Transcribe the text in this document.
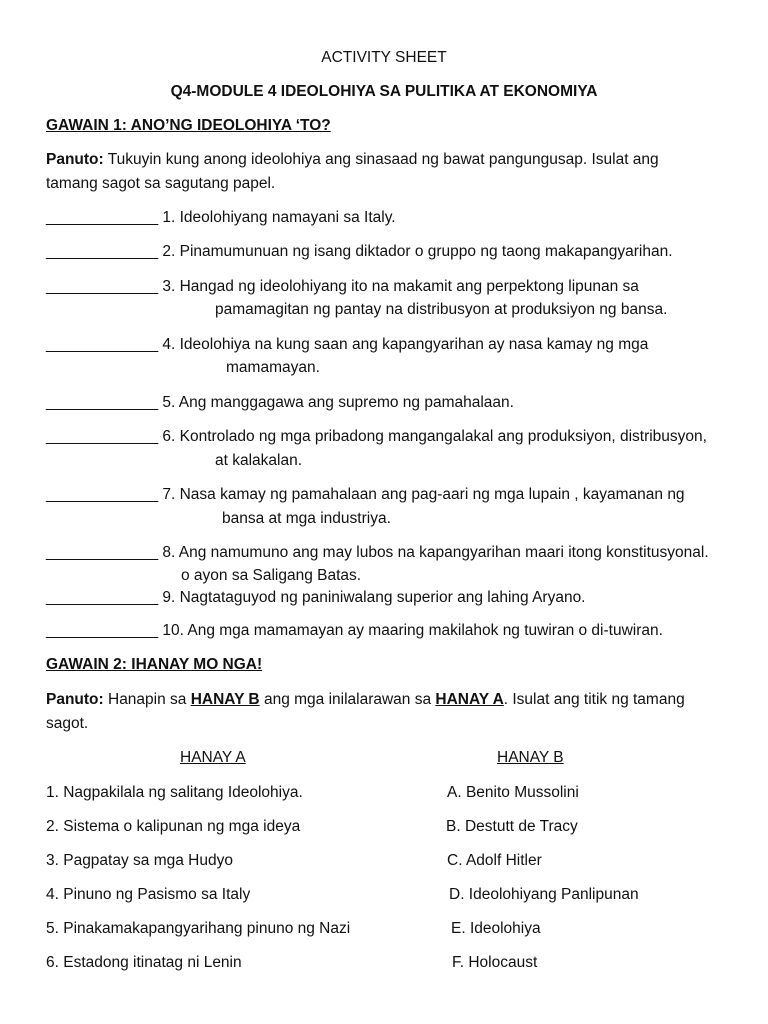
ACTIVITY SHEET
Q4-MODULE 4 IDEOLOHIYA SA PULITIKA AT EKONOMIYA
GAWAIN 1: ANO’NG IDEOLOHIYA ‘TO?
Panuto: Tukuyin kung anong ideolohiya ang sinasaad ng bawat pangungusap. Isulat ang
tamang sagot sa sagutang papel.
_____________ 1. Ideolohiyang namayani sa Italy.
_____________ 2. Pinamumunuan ng isang diktador o gruppo ng taong makapangyarihan.
_____________ 3. Hangad ng ideolohiyang ito na makamit ang perpektong lipunan sa
pamamagitan ng pantay na distribusyon at produksiyon ng bansa.
_____________ 4. Ideolohiya na kung saan ang kapangyarihan ay nasa kamay ng mga
mamamayan.
_____________ 5. Ang manggagawa ang supremo ng pamahalaan.
_____________ 6. Kontrolado ng mga pribadong mangangalakal ang produksiyon, distribusyon,
at kalakalan.
_____________ 7. Nasa kamay ng pamahalaan ang pag-aari ng mga lupain , kayamanan ng
bansa at mga industriya.
_____________ 8. Ang namumuno ang may lubos na kapangyarihan maari itong konstitusyonal.
o ayon sa Saligang Batas.
_____________ 9. Nagtataguyod ng paniniwalang superior ang lahing Aryano.
_____________ 10. Ang mga mamamayan ay maaring makilahok ng tuwiran o di-tuwiran.
GAWAIN 2: IHANAY MO NGA!
Panuto: Hanapin sa HANAY B ang mga inilalarawan sa HANAY A. Isulat ang titik ng tamang
sagot.
HANAY A	HANAY B
1. Nagpakilala ng salitang Ideolohiya.	A. Benito Mussolini
2. Sistema o kalipunan ng mga ideya	B. Destutt de Tracy
3. Pagpatay sa mga Hudyo	C. Adolf Hitler
4. Pinuno ng Pasismo sa Italy	D. Ideolohiyang Panlipunan
5. Pinakamakapangyarihang pinuno ng Nazi	E. Ideolohiya
6. Estadong itinatag ni Lenin	F. Holocaust
